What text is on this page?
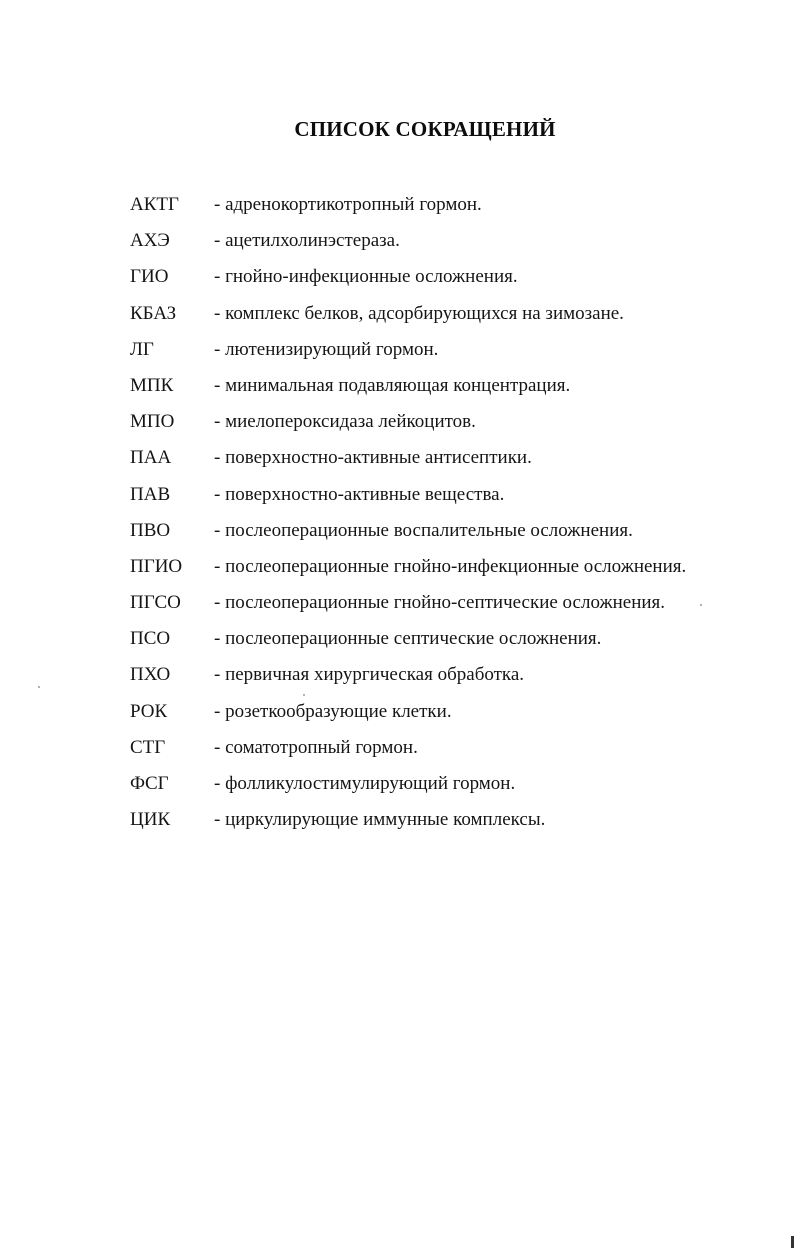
СПИСОК СОКРАЩЕНИЙ
АКТГ	- адренокортикотропный гормон.
АХЭ	- ацетилхолинэстераза.
ГИО	- гнойно-инфекционные осложнения.
КБАЗ	- комплекс белков, адсорбирующихся на зимозане.
ЛГ	- лютенизирующий гормон.
МПК	- минимальная подавляющая концентрация.
МПО	- миелопероксидаза лейкоцитов.
ПАА	- поверхностно-активные антисептики.
ПАВ	- поверхностно-активные вещества.
ПВО	- послеоперационные воспалительные осложнения.
ПГИО	- послеоперационные гнойно-инфекционные осложнения.
ПГСО	- послеоперационные гнойно-септические осложнения.
ПСО	- послеоперационные септические осложнения.
ПХО	- первичная хирургическая обработка.
РОК	- розеткообразующие клетки.
СТГ	- соматотропный гормон.
ФСГ	- фолликулостимулирующий гормон.
ЦИК	- циркулирующие иммунные комплексы.
